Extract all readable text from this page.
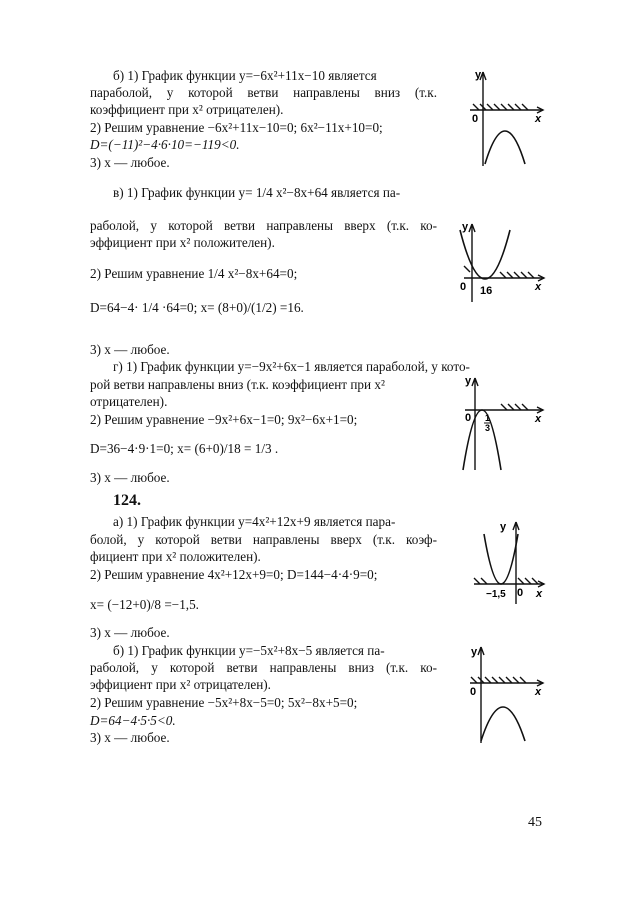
б) 1) График функции y=−6x²+11x−10 является
параболой, у которой ветви направлены вниз (т.к.
коэффициент при x² отрицателен).
2) Решим уравнение −6x²+11x−10=0; 6x²−11x+10=0;
D=(−11)²−4·6·10=−119<0.
3) x — любое.
в) 1) График функции y= 1/4 x²−8x+64 является па-
раболой, у которой ветви направлены вверх (т.к. ко-
эффициент при x² положителен).
2) Решим уравнение 1/4 x²−8x+64=0;
D=64−4· 1/4 ·64=0; x= (8+0)/(1/2) =16.
3) x — любое.
г) 1) График функции y=−9x²+6x−1 является параболой, у кото-
рой ветви направлены вниз (т.к. коэффициент при x²
отрицателен).
2) Решим уравнение −9x²+6x−1=0; 9x²−6x+1=0;
D=36−4·9·1=0; x= (6+0)/18 = 1/3 .
3) x — любое.
124.
а) 1) График функции y=4x²+12x+9 является пара-
болой, у которой ветви направлены вверх (т.к. коэф-
фициент при x² положителен).
2) Решим уравнение 4x²+12x+9=0; D=144−4·4·9=0;
x= (−12+0)/8 =−1,5.
3) x — любое.
б) 1) График функции y=−5x²+8x−5 является па-
раболой, у которой ветви направлены вниз (т.к. ко-
эффициент при x² отрицателен).
2) Решим уравнение −5x²+8x−5=0; 5x²−8x+5=0;
D=64−4·5·5<0.
3) x — любое.
45
y
0	x
y
0 16	x
y
0 1
3
x
y
−1,5 0 x
y
0	x
